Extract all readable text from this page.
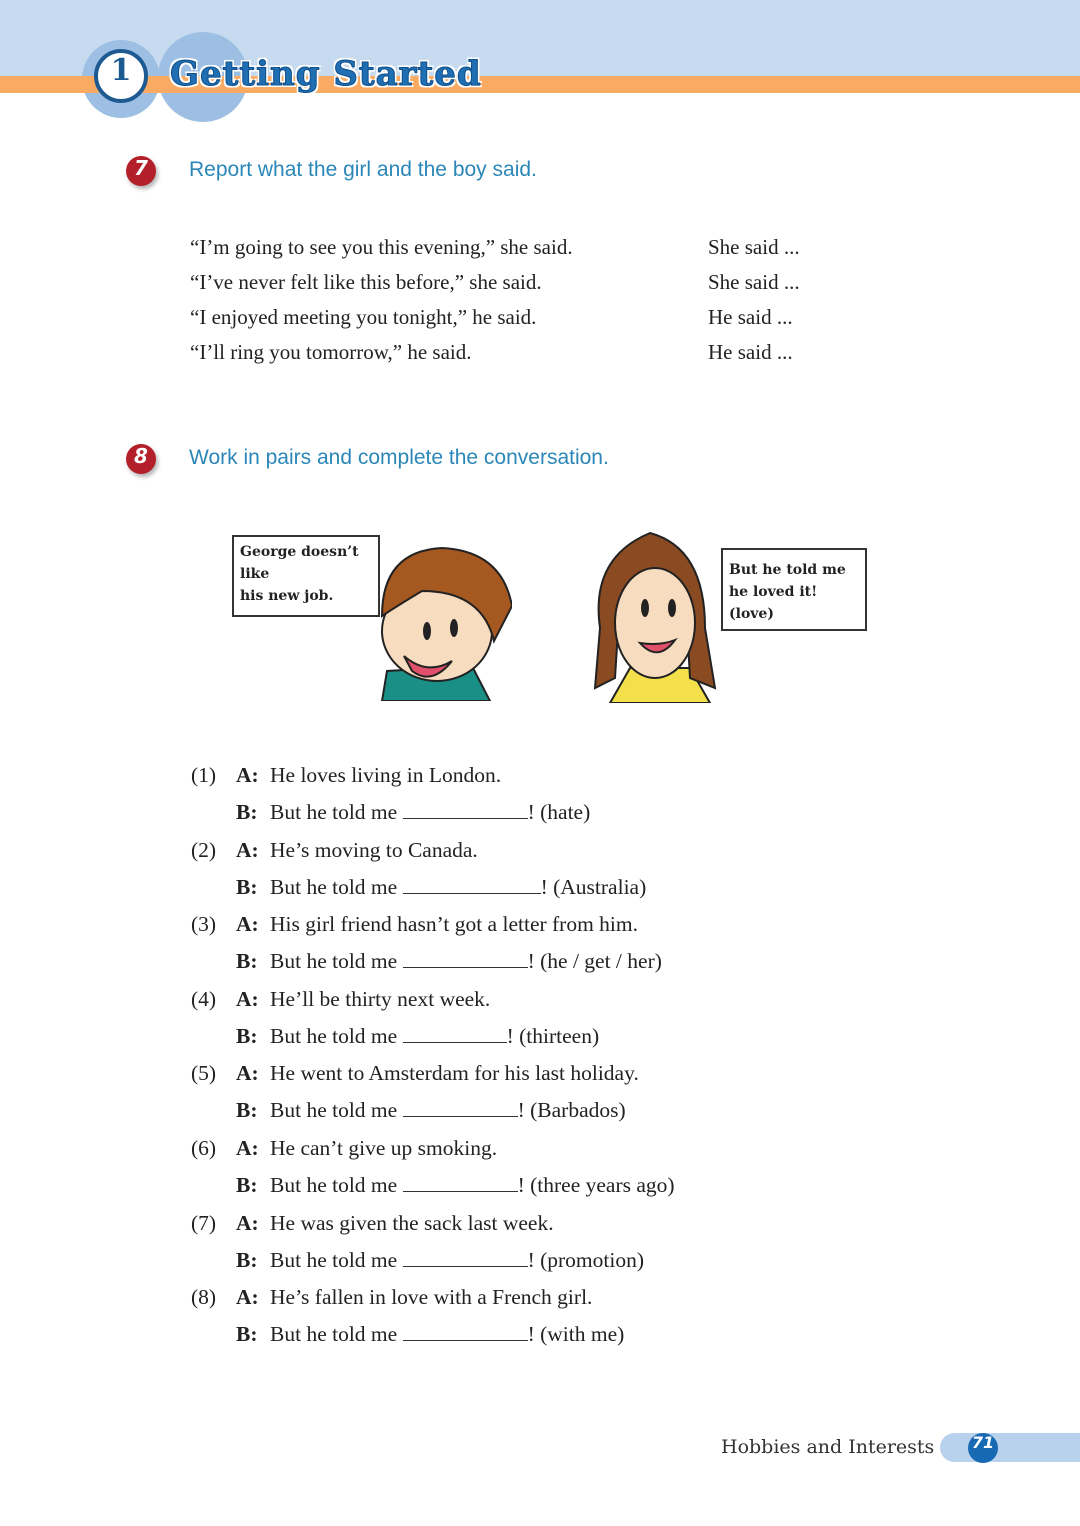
1	Getting Started
7	Report what the girl and the boy said.
“I’m going to see you this evening,” she said.	She said ...
“I’ve never felt like this before,” she said.	She said ...
“I enjoyed meeting you tonight,” he said.	He said ...
“I’ll ring you tomorrow,” he said.	He said ...
8	Work in pairs and complete the conversation.
George doesn’t like
his new job.
But he told me
he loved it!(love)
(1) A: He loves living in London.
B: But he told me	! (hate)
(2) A: He’s moving to Canada.
B: But he told me	! (Australia)
(3) A: His girl friend hasn’t got a letter from him.
B: But he told me	! (he / get / her)
(4) A: He’ll be thirty next week.
B: But he told me	! (thirteen)
(5) A: He went to Amsterdam for his last holiday.
B: But he told me	! (Barbados)
(6) A: He can’t give up smoking.
B: But he told me	! (three years ago)
(7) A: He was given the sack last week.
B: But he told me	! (promotion)
(8) A: He’s fallen in love with a French girl.
B: But he told me	! (with me)
Hobbies and Interests 71
